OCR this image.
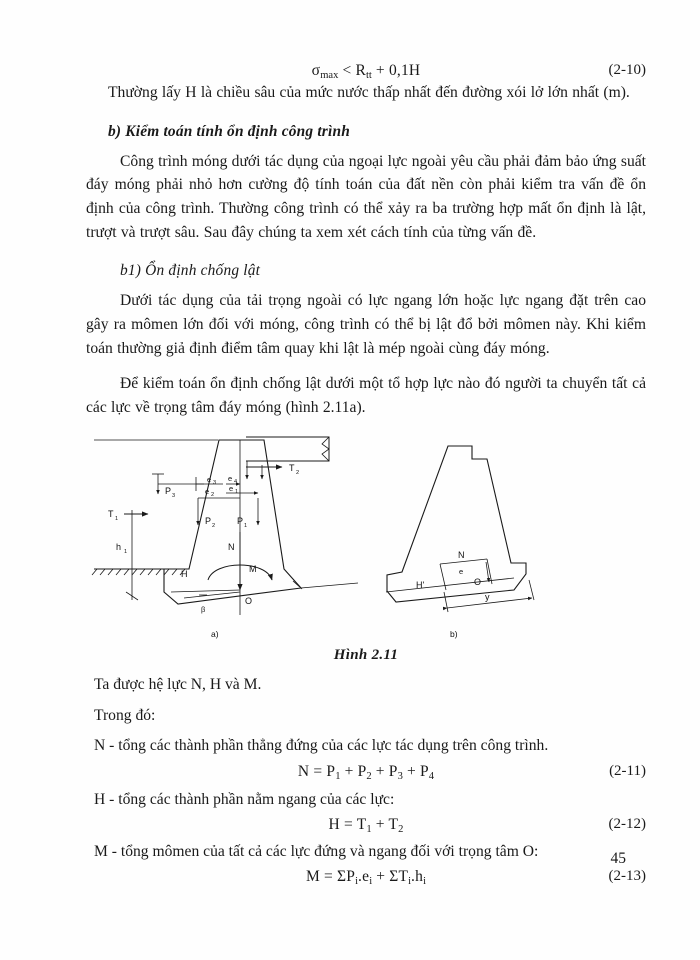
$\sigma_{max} < R_{tt} + 0,1H$	(2-10)

Thường lấy H là chiều sâu của mức nước thấp nhất đến đường xói lở lớn nhất (m).

b) Kiểm toán tính ổn định công trình

Công trình móng dưới tác dụng của ngoại lực ngoài yêu cầu phải đảm bảo ứng suất đáy móng phải nhỏ hơn cường độ tính toán của đất nền còn phải kiểm tra vấn đề ổn định của công trình. Thường công trình có thể xảy ra ba trường hợp mất ổn định là lật, trượt và trượt sâu. Sau đây chúng ta xem xét cách tính của từng vấn đề.

b1) Ổn định chống lật

Dưới tác dụng của tải trọng ngoài có lực ngang lớn hoặc lực ngang đặt trên cao gây ra mômen lớn đối với móng, công trình có thể bị lật đổ bởi mômen này. Khi kiểm toán thường giả định điểm tâm quay khi lật là mép ngoài cùng đáy móng.

Để kiểm toán ổn định chống lật dưới một tổ hợp lực nào đó người ta chuyển tất cả các lực về trọng tâm đáy móng (hình 2.11a).

T 2
e 3 e 4
e 2
e 1
P 3
P 2 P 1
N
T 1
h 1
H	M
β
O
a)
N
e
O
H'
y
b)

Hình 2.11

Ta được hệ lực N, H và M.

Trong đó:

N - tổng các thành phần thẳng đứng của các lực tác dụng trên công trình.

$N = P_1 + P_2 + P_3 + P_4$	(2-11)

H - tổng các thành phần nằm ngang của các lực:

$H = T_1 + T_2$	(2-12)

M - tổng mômen của tất cả các lực đứng và ngang đối với trọng tâm O:

$M = \Sigma P_i.e_i + \Sigma T_i.h_i$	(2-13)
45
